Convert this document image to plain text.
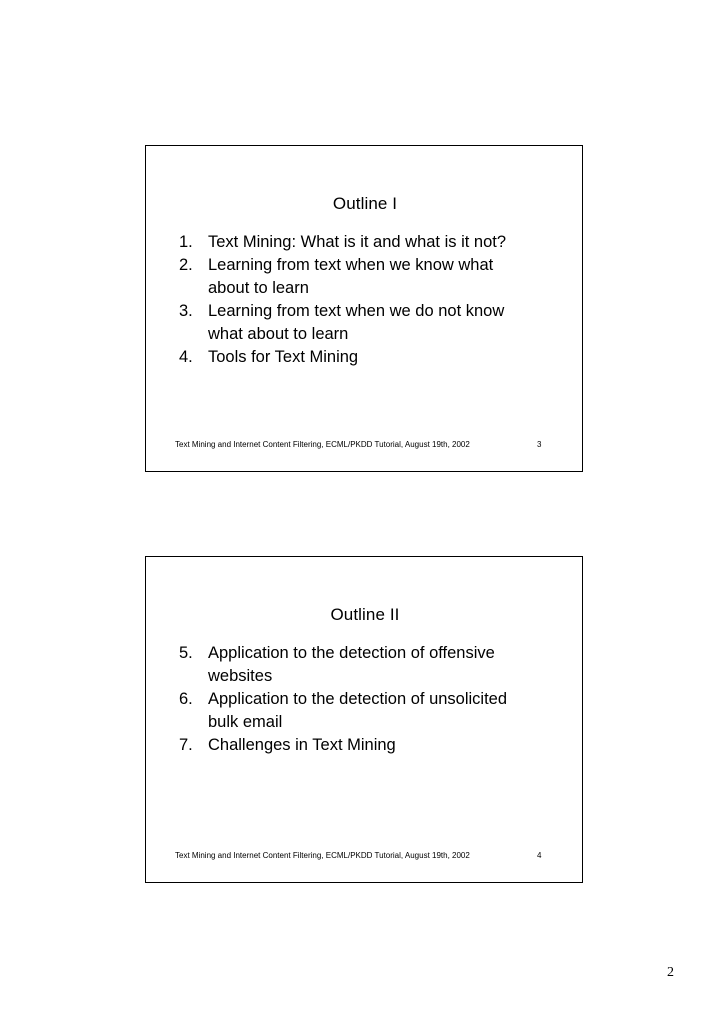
Outline I
1. Text Mining: What is it and what is it not?
2. Learning from text when we know what about to learn
3. Learning from text when we do not know what about to learn
4. Tools for Text Mining
Text Mining and Internet Content Filtering, ECML/PKDD Tutorial, August 19th, 2002	3
Outline II
5. Application to the detection of offensive websites
6. Application to the detection of unsolicited bulk email
7. Challenges in Text Mining
Text Mining and Internet Content Filtering, ECML/PKDD Tutorial, August 19th, 2002	4
2
